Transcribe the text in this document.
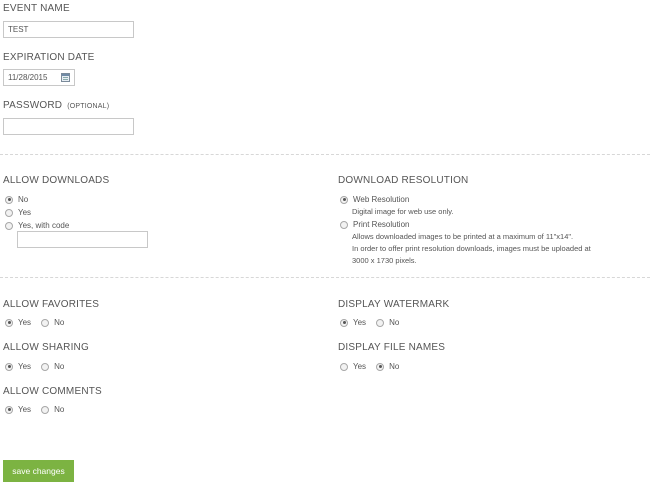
EVENT NAME
TEST
EXPIRATION DATE
11/28/2015
PASSWORD (OPTIONAL)
ALLOW DOWNLOADS
No
Yes
Yes, with code
DOWNLOAD RESOLUTION
Web Resolution
Digital image for web use only.
Print Resolution
Allows downloaded images to be printed at a maximum of 11"x14".
In order to offer print resolution downloads, images must be uploaded at
3000 x 1730 pixels.
ALLOW FAVORITES
Yes	No
ALLOW SHARING
Yes	No
ALLOW COMMENTS
Yes	No
DISPLAY WATERMARK
Yes	No
DISPLAY FILE NAMES
Yes	No
save changes
